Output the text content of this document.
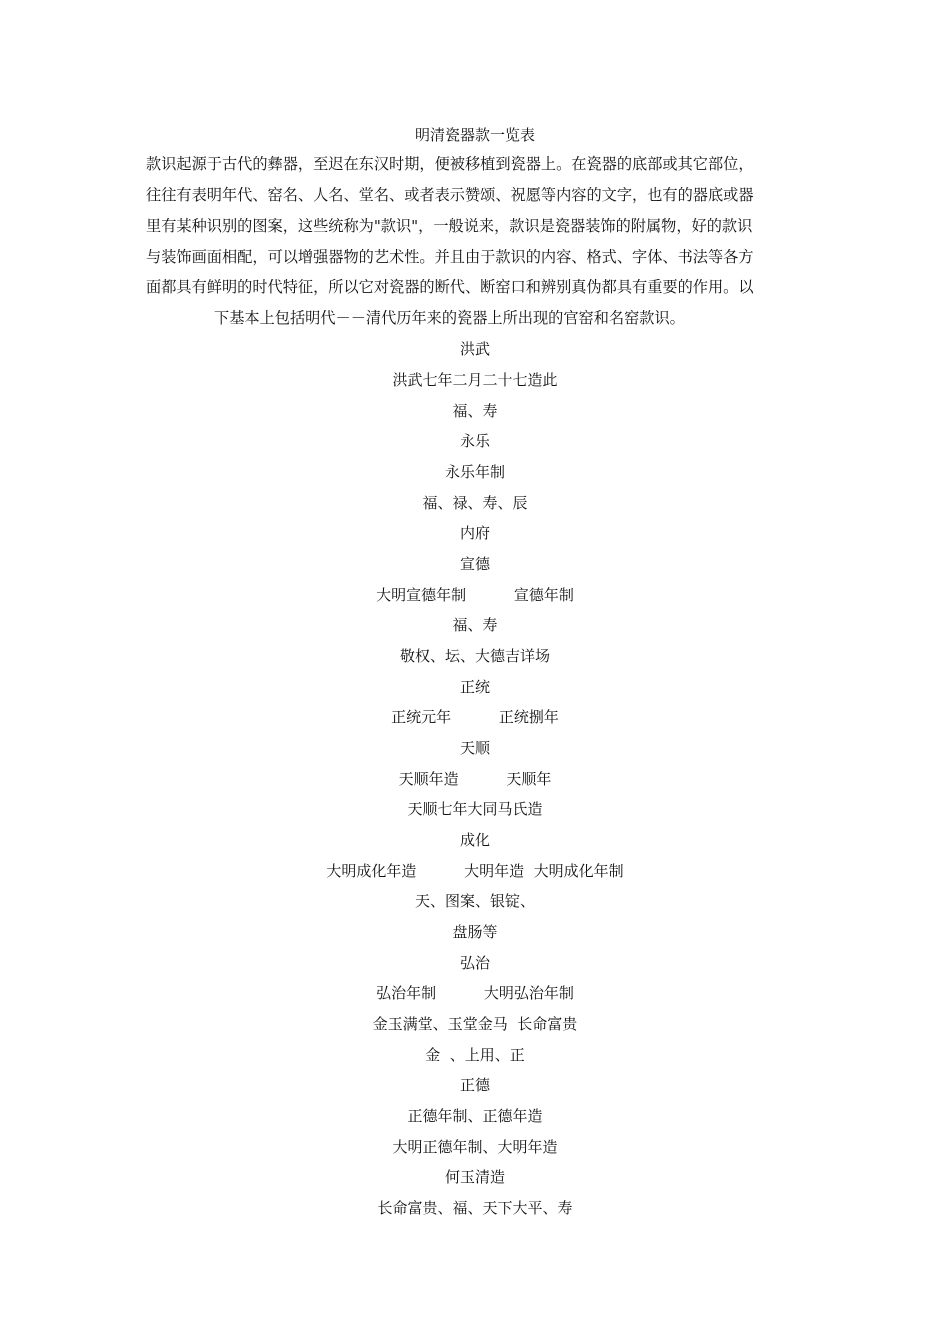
明清瓷器款一览表
款识起源于古代的彝器，至迟在东汉时期，便被移植到瓷器上。在瓷器的底部或其它部位，
往往有表明年代、窑名、人名、堂名、或者表示赞颂、祝愿等内容的文字，也有的器底或器
里有某种识别的图案，这些统称为"款识"，一般说来，款识是瓷器装饰的附属物，好的款识
与装饰画面相配，可以增强器物的艺术性。并且由于款识的内容、格式、字体、书法等各方
面都具有鲜明的时代特征，所以它对瓷器的断代、断窑口和辨别真伪都具有重要的作用。以
下基本上包括明代－－清代历年来的瓷器上所出现的官窑和名窑款识。
洪武
洪武七年二月二十七造此
福、寿
永乐
永乐年制
福、禄、寿、辰
内府
宣德
大明宣德年制          宣德年制
福、寿
敬权、坛、大德吉详场
正统
正统元年          正统捌年
天顺
天顺年造          天顺年
天顺七年大同马氏造
成化
大明成化年造          大明年造  大明成化年制
天、图案、银锭、
盘肠等
弘治
弘治年制          大明弘治年制
金玉满堂、玉堂金马  长命富贵
金  、上用、正
正德
正德年制、正德年造
大明正德年制、大明年造
何玉清造
长命富贵、福、天下大平、寿
